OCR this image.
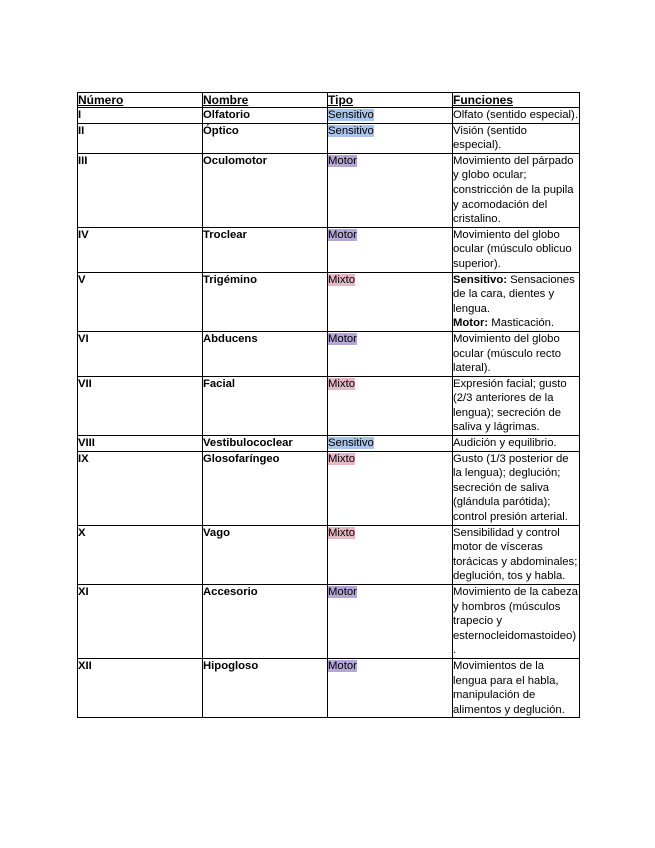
Número	Nombre	Tipo	Funciones
I	Olfatorio	Sensitivo	Olfato (sentido especial).
II	Óptico	Sensitivo	Visión (sentido especial).
III	Oculomotor	Motor	Movimiento del párpado y globo ocular; constricción de la pupila y acomodación del cristalino.
IV	Troclear	Motor	Movimiento del globo ocular (músculo oblicuo superior).
V	Trigémino	Mixto	Sensitivo: Sensaciones de la cara, dientes y lengua.
Motor: Masticación.
VI	Abducens	Motor	Movimiento del globo ocular (músculo recto lateral).
VII	Facial	Mixto	Expresión facial; gusto (2/3 anteriores de la lengua); secreción de saliva y lágrimas.
VIII	Vestibulococlear	Sensitivo	Audición y equilibrio.
IX	Glosofaríngeo	Mixto	Gusto (1/3 posterior de la lengua); deglución; secreción de saliva (glándula parótida); control presión arterial.
X	Vago	Mixto	Sensibilidad y control motor de vísceras torácicas y abdominales; deglución, tos y habla.
XI	Accesorio	Motor	Movimiento de la cabeza y hombros (músculos trapecio y esternocleidomastoideo).
XII	Hipogloso	Motor	Movimientos de la lengua para el habla, manipulación de alimentos y deglución.
